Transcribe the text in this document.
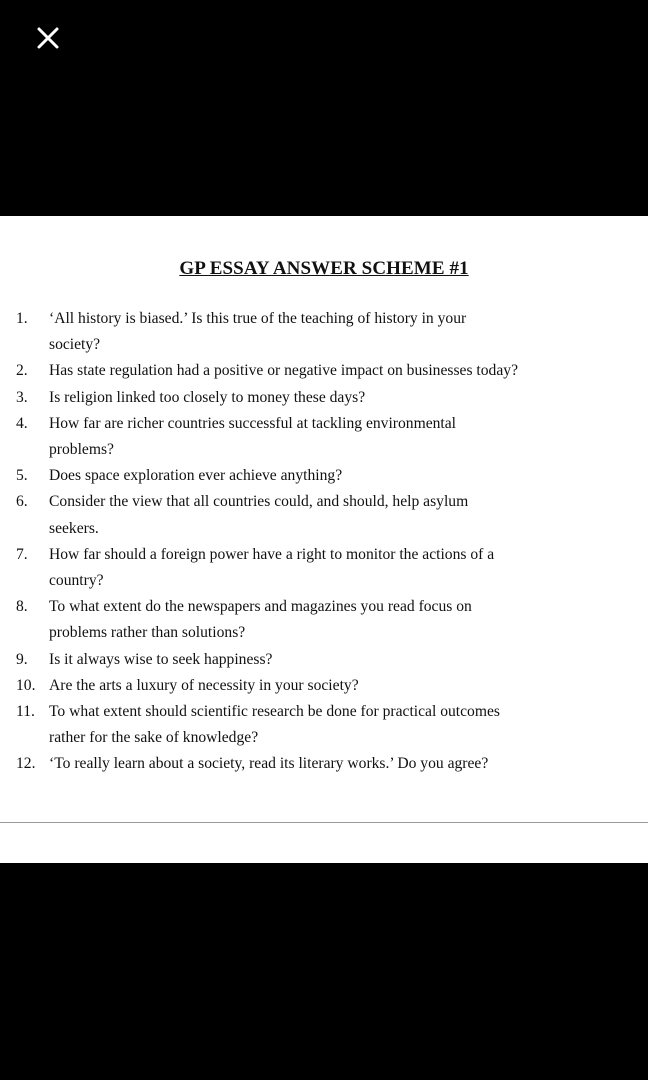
GP ESSAY ANSWER SCHEME #1
1. ‘All history is biased.’ Is this true of the teaching of history in your
society?
2. Has state regulation had a positive or negative impact on businesses today?
3. Is religion linked too closely to money these days?
4. How far are richer countries successful at tackling environmental
problems?
5. Does space exploration ever achieve anything?
6. Consider the view that all countries could, and should, help asylum
seekers.
7. How far should a foreign power have a right to monitor the actions of a
country?
8. To what extent do the newspapers and magazines you read focus on
problems rather than solutions?
9. Is it always wise to seek happiness?
10. Are the arts a luxury of necessity in your society?
11. To what extent should scientific research be done for practical outcomes
rather for the sake of knowledge?
12. ‘To really learn about a society, read its literary works.’ Do you agree?
